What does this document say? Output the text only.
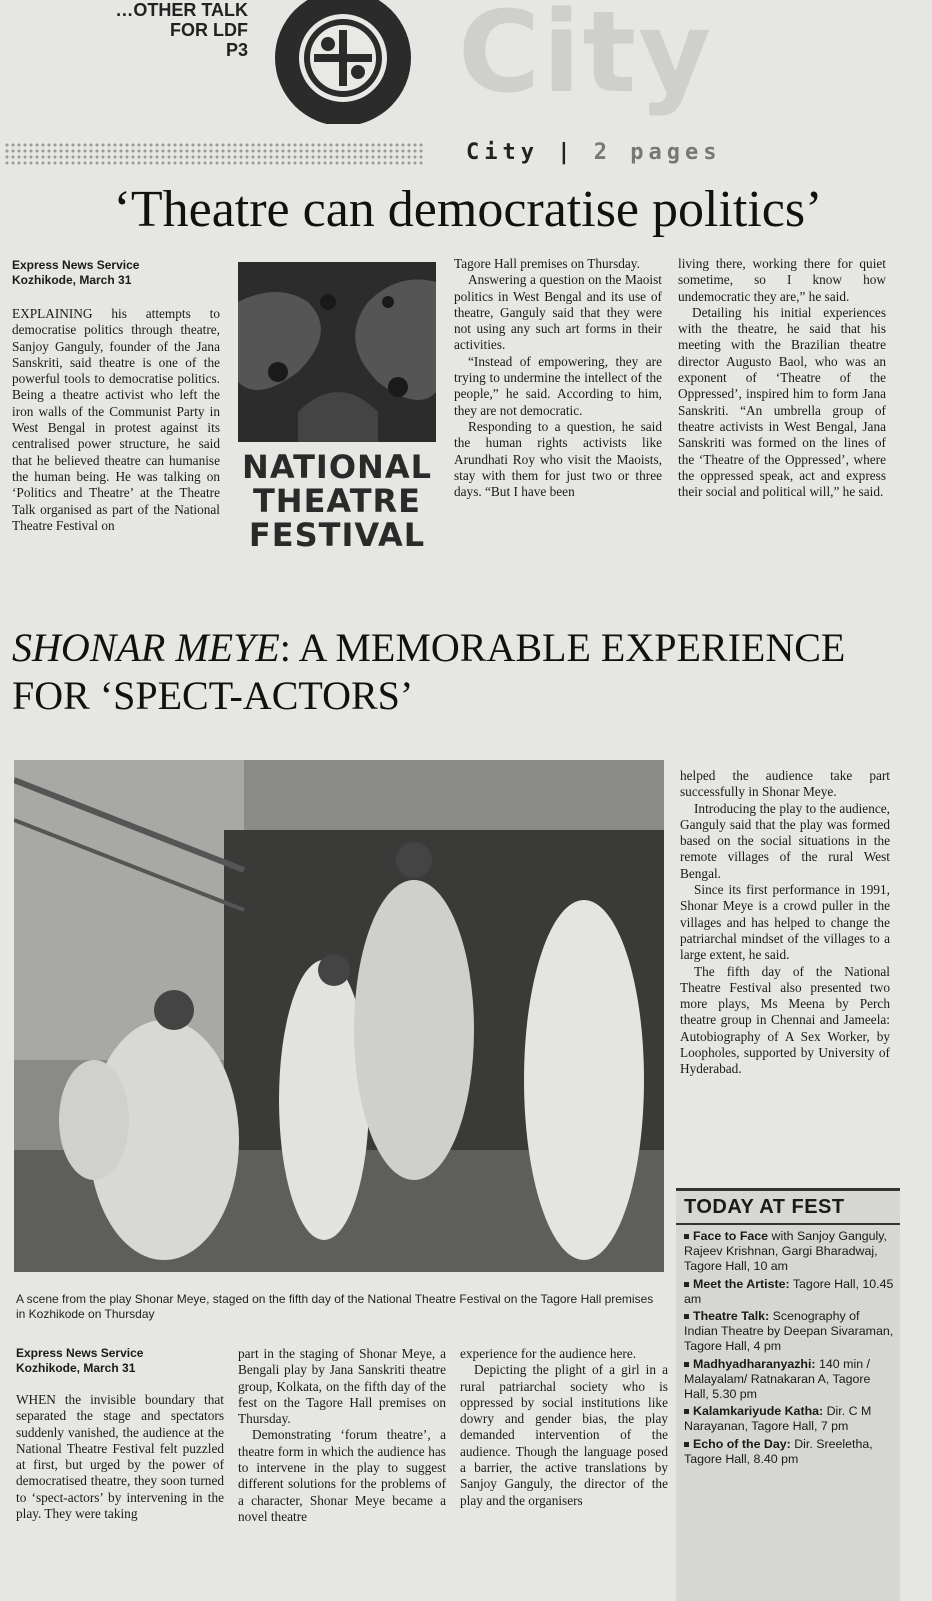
…OTHER TALK
FOR LDF
P3 City
City | 2 pages
‘Theatre can democratise politics’
Express News Service
Kozhikode, March 31

EXPLAINING his attempts to democratise politics through theatre, Sanjoy Ganguly, founder of the Jana Sanskriti, said theatre is one of the powerful tools to democratise politics. Being a theatre activist who left the iron walls of the Communist Party in West Bengal in protest against its centralised power structure, he said that he believed theatre can humanise the human being. He was talking on ‘Politics and Theatre’ at the Theatre Talk organised as part of the National Theatre Festival on

NATIONAL
THEATRE
FESTIVAL

Tagore Hall premises on Thursday.

Answering a question on the Maoist politics in West Bengal and its use of theatre, Ganguly said that they were not using any such art forms in their activities.

“Instead of empowering, they are trying to undermine the intellect of the people,” he said. According to him, they are not democratic.

Responding to a question, he said the human rights activists like Arundhati Roy who visit the Maoists, stay with them for just two or three days. “But I have been

living there, working there for quiet sometime, so I know how undemocratic they are,” he said.

Detailing his initial experiences with the theatre, he said that his meeting with the Brazilian theatre director Augusto Baol, who was an exponent of ‘Theatre of the Oppressed’, inspired him to form Jana Sanskriti. “An umbrella group of theatre activists in West Bengal, Jana Sanskriti was formed on the lines of the ‘Theatre of the Oppressed’, where the oppressed speak, act and express their social and political will,” he said.

SHONAR MEYE: A MEMORABLE EXPERIENCE FOR ‘SPECT-ACTORS’
A scene from the play Shonar Meye, staged on the fifth day of the National Theatre Festival on the Tagore Hall premises in Kozhikode on Thursday

helped the audience take part successfully in Shonar Meye.

Introducing the play to the audience, Ganguly said that the play was formed based on the social situations in the remote villages of the rural West Bengal.

Since its first performance in 1991, Shonar Meye is a crowd puller in the villages and has helped to change the patriarchal mindset of the villages to a large extent, he said.

The fifth day of the National Theatre Festival also presented two more plays, Ms Meena by Perch theatre group in Chennai and Jameela: Autobiography of A Sex Worker, by Loopholes, supported by University of Hyderabad.

Express News Service
Kozhikode, March 31

WHEN the invisible boundary that separated the stage and spectators suddenly vanished, the audience at the National Theatre Festival felt puzzled at first, but urged by the power of democratised theatre, they soon turned to ‘spect-actors’ by intervening in the play. They were taking

part in the staging of Shonar Meye, a Bengali play by Jana Sanskriti theatre group, Kolkata, on the fifth day of the fest on the Tagore Hall premises on Thursday.

Demonstrating ‘forum theatre’, a theatre form in which the audience has to intervene in the play to suggest different solutions for the problems of a character, Shonar Meye became a novel theatre

experience for the audience here.

Depicting the plight of a girl in a rural patriarchal society who is oppressed by social institutions like dowry and gender bias, the play demanded intervention of the audience. Though the language posed a barrier, the active translations by Sanjoy Ganguly, the director of the play and the organisers

TODAY AT FEST
Face to Face with Sanjoy Ganguly, Rajeev Krishnan, Gargi Bharadwaj, Tagore Hall, 10 am
Meet the Artiste: Tagore Hall, 10.45 am
Theatre Talk: Scenography of Indian Theatre by Deepan Sivaraman, Tagore Hall, 4 pm
Madhyadharanyazhi: 140 min / Malayalam/ Ratnakaran A, Tagore Hall, 5.30 pm
Kalamkariyude Katha: Dir. C M Narayanan, Tagore Hall, 7 pm
Echo of the Day: Dir. Sreeletha, Tagore Hall, 8.40 pm
